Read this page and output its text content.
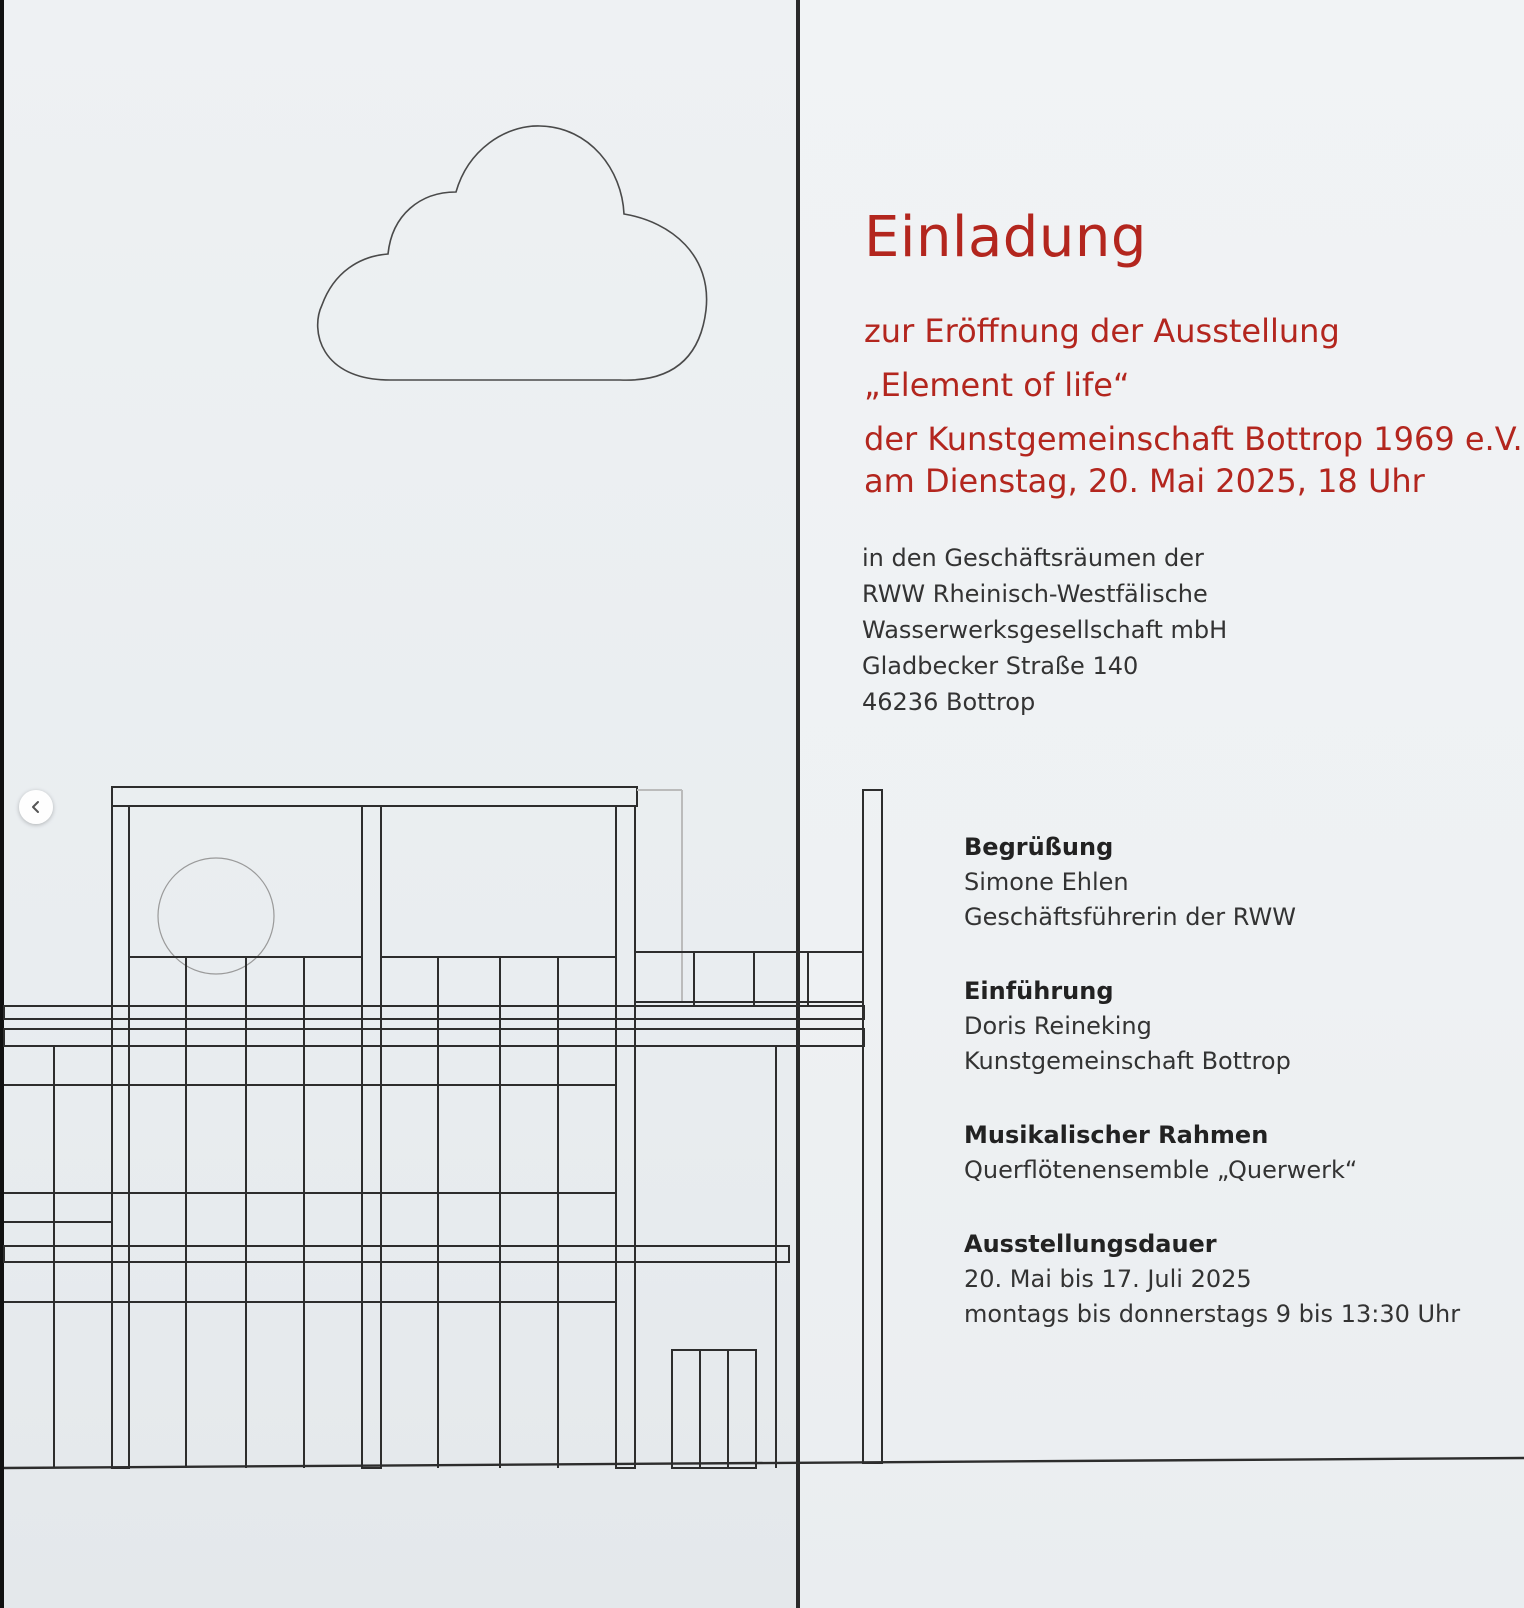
Einladung
zur Eröffnung der Ausstellung
„Element of life“
der Kunstgemeinschaft Bottrop 1969 e.V.
am Dienstag, 20. Mai 2025, 18 Uhr
in den Geschäftsräumen der
RWW Rheinisch-Westfälische
Wasserwerksgesellschaft mbH
Gladbecker Straße 140
46236 Bottrop
Begrüßung
Simone Ehlen
Geschäftsführerin der RWW
Einführung
Doris Reineking
Kunstgemeinschaft Bottrop
Musikalischer Rahmen
Querflötenensemble „Querwerk“
Ausstellungsdauer
20. Mai bis 17. Juli 2025
montags bis donnerstags 9 bis 13:30 Uhr
